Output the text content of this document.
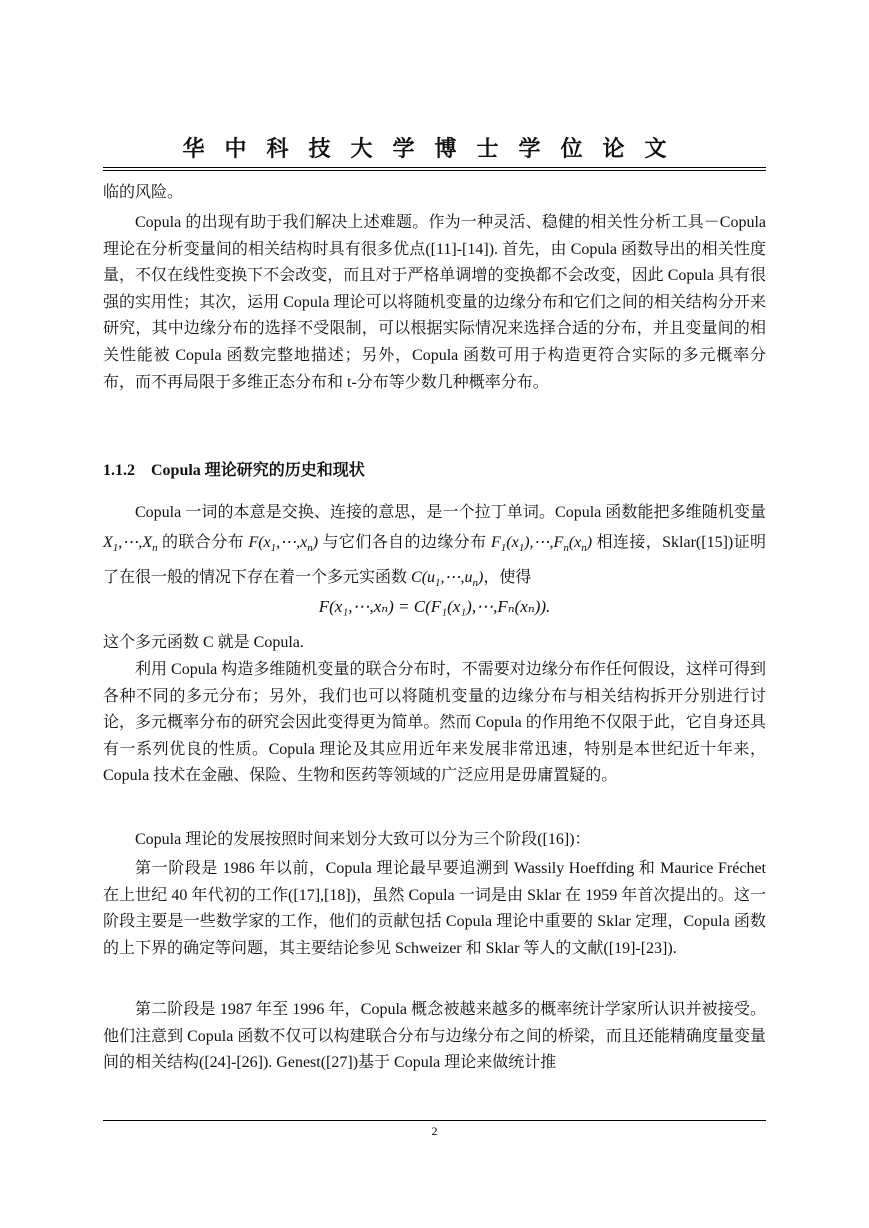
华中科技大学博士学位论文

临的风险。

Copula 的出现有助于我们解决上述难题。作为一种灵活、稳健的相关性分析工具－Copula 理论在分析变量间的相关结构时具有很多优点([11]-[14]). 首先，由 Copula 函数导出的相关性度量，不仅在线性变换下不会改变，而且对于严格单调增的变换都不会改变，因此 Copula 具有很强的实用性；其次，运用 Copula 理论可以将随机变量的边缘分布和它们之间的相关结构分开来研究，其中边缘分布的选择不受限制，可以根据实际情况来选择合适的分布，并且变量间的相关性能被 Copula 函数完整地描述；另外，Copula 函数可用于构造更符合实际的多元概率分布，而不再局限于多维正态分布和 t-分布等少数几种概率分布。

1.1.2 Copula 理论研究的历史和现状

Copula 一词的本意是交换、连接的意思，是一个拉丁单词。Copula 函数能把多维随机变量 $X_1,\cdots,X_n$ 的联合分布 $F(x_1,\cdots,x_n)$ 与它们各自的边缘分布 $F_1(x_1),\cdots,F_n(x_n)$ 相连接，Sklar([15])证明了在很一般的情况下存在着一个多元实函数 $C(u_1,\cdots,u_n)$，使得

F(x₁,⋯,xₙ) = C(F₁(x₁),⋯,Fₙ(xₙ)).

这个多元函数 C 就是 Copula.

利用 Copula 构造多维随机变量的联合分布时，不需要对边缘分布作任何假设，这样可得到各种不同的多元分布；另外，我们也可以将随机变量的边缘分布与相关结构拆开分别进行讨论，多元概率分布的研究会因此变得更为简单。然而 Copula 的作用绝不仅限于此，它自身还具有一系列优良的性质。Copula 理论及其应用近年来发展非常迅速，特别是本世纪近十年来，Copula 技术在金融、保险、生物和医药等领域的广泛应用是毋庸置疑的。

Copula 理论的发展按照时间来划分大致可以分为三个阶段([16])：

第一阶段是 1986 年以前，Copula 理论最早要追溯到 Wassily Hoeffding 和 Maurice Fréchet 在上世纪 40 年代初的工作([17],[18])，虽然 Copula 一词是由 Sklar 在 1959 年首次提出的。这一阶段主要是一些数学家的工作，他们的贡献包括 Copula 理论中重要的 Sklar 定理，Copula 函数的上下界的确定等问题，其主要结论参见 Schweizer 和 Sklar 等人的文献([19]-[23]).

第二阶段是 1987 年至 1996 年，Copula 概念被越来越多的概率统计学家所认识并被接受。他们注意到 Copula 函数不仅可以构建联合分布与边缘分布之间的桥梁，而且还能精确度量变量间的相关结构([24]-[26]). Genest([27])基于 Copula 理论来做统计推

2
